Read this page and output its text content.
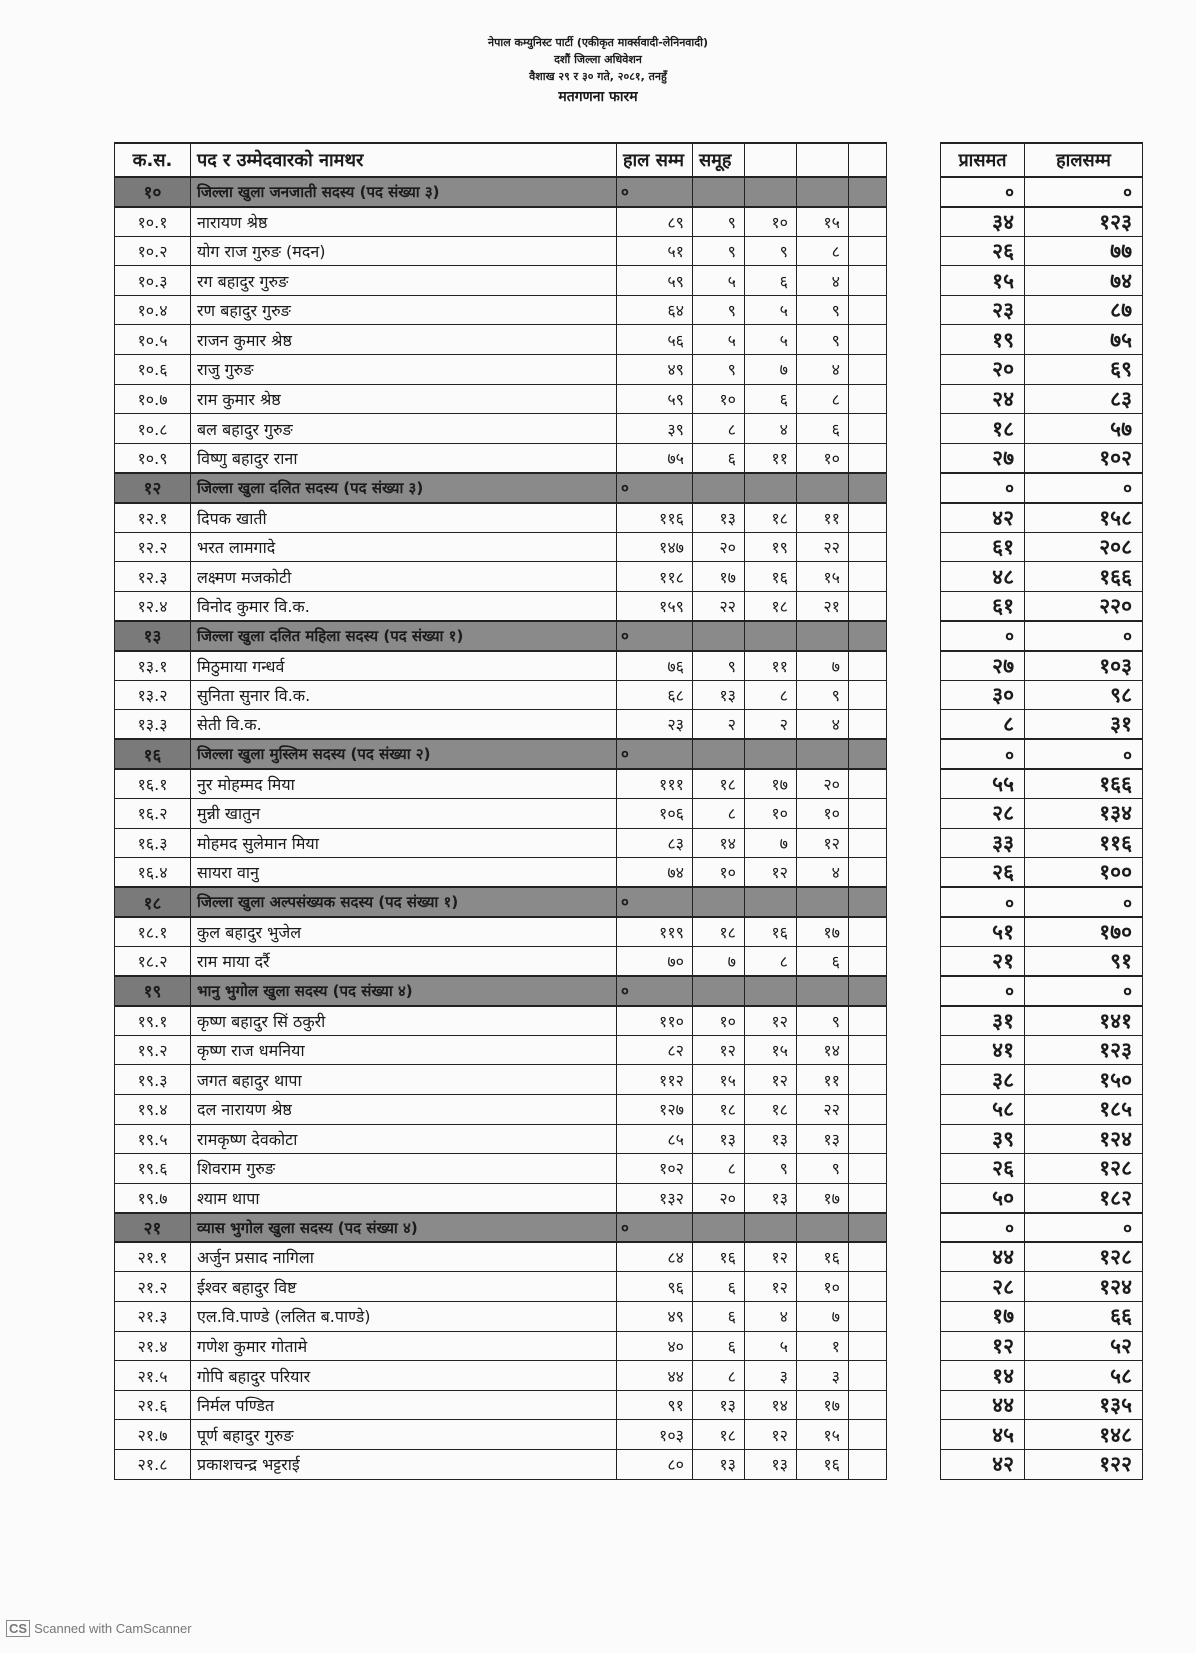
नेपाल कम्युनिस्ट पार्टी (एकीकृत मार्क्सवादी-लेनिनवादी)
दशौं जिल्ला अधिवेशन
वैशाख २९ र ३० गते, २०८१, तनहुँ
मतगणना फारम
क.स.	पद र उम्मेदवारको नामथर	हाल सम्म	समूह			
१०	जिल्ला खुला जनजाती सदस्य (पद संख्या ३)	०				
१०.१	नारायण श्रेष्ठ	८९	९	१०	१५	
१०.२	योग राज गुरुङ (मदन)	५१	९	९	८	
१०.३	रग बहादुर गुरुङ	५९	५	६	४	
१०.४	रण बहादुर गुरुङ	६४	९	५	९	
१०.५	राजन कुमार श्रेष्ठ	५६	५	५	९	
१०.६	राजु गुरुङ	४९	९	७	४	
१०.७	राम कुमार श्रेष्ठ	५९	१०	६	८	
१०.८	बल बहादुर गुरुङ	३९	८	४	६	
१०.९	विष्णु बहादुर राना	७५	६	११	१०	
१२	जिल्ला खुला दलित सदस्य (पद संख्या ३)	०				
१२.१	दिपक खाती	११६	१३	१८	११	
१२.२	भरत लामगादे	१४७	२०	१९	२२	
१२.३	लक्ष्मण मजकोटी	११८	१७	१६	१५	
१२.४	विनोद कुमार वि.क.	१५९	२२	१८	२१	
१३	जिल्ला खुला दलित महिला सदस्य (पद संख्या १)	०				
१३.१	मिठुमाया गन्धर्व	७६	९	११	७	
१३.२	सुनिता सुनार वि.क.	६८	१३	८	९	
१३.३	सेती वि.क.	२३	२	२	४	
१६	जिल्ला खुला मुस्लिम सदस्य (पद संख्या २)	०				
१६.१	नुर मोहम्मद मिया	१११	१८	१७	२०	
१६.२	मुन्नी खातुन	१०६	८	१०	१०	
१६.३	मोहमद सुलेमान मिया	८३	१४	७	१२	
१६.४	सायरा वानु	७४	१०	१२	४	
१८	जिल्ला खुला अल्पसंख्यक सदस्य (पद संख्या १)	०				
१८.१	कुल बहादुर भुजेल	११९	१८	१६	१७	
१८.२	राम माया दर्रै	७०	७	८	६	
१९	भानु भुगोल खुला सदस्य (पद संख्या ४)	०				
१९.१	कृष्ण बहादुर सिं ठकुरी	११०	१०	१२	९	
१९.२	कृष्ण राज धमनिया	८२	१२	१५	१४	
१९.३	जगत बहादुर थापा	११२	१५	१२	११	
१९.४	दल नारायण श्रेष्ठ	१२७	१८	१८	२२	
१९.५	रामकृष्ण देवकोटा	८५	१३	१३	१३	
१९.६	शिवराम गुरुङ	१०२	८	९	९	
१९.७	श्याम थापा	१३२	२०	१३	१७	
२१	व्यास भुगोल खुला सदस्य (पद संख्या ४)	०				
२१.१	अर्जुन प्रसाद नागिला	८४	१६	१२	१६	
२१.२	ईश्वर बहादुर विष्ट	९६	६	१२	१०	
२१.३	एल.वि.पाण्डे (ललित ब.पाण्डे)	४९	६	४	७	
२१.४	गणेश कुमार गोतामे	४०	६	५	१	
२१.५	गोपि बहादुर परियार	४४	८	३	३	
२१.६	निर्मल पण्डित	९१	१३	१४	१७	
२१.७	पूर्ण बहादुर गुरुङ	१०३	१८	१२	१५	
२१.८	प्रकाशचन्द्र भट्टराई	८०	१३	१३	१६	
प्रासमत	हालसम्म
०	०
३४	१२३
२६	७७
१५	७४
२३	८७
१९	७५
२०	६९
२४	८३
१८	५७
२७	१०२
०	०
४२	१५८
६१	२०८
४८	१६६
६१	२२०
०	०
२७	१०३
३०	९८
८	३१
०	०
५५	१६६
२८	१३४
३३	११६
२६	१००
०	०
५१	१७०
२१	९१
०	०
३१	१४१
४१	१२३
३८	१५०
५८	१८५
३९	१२४
२६	१२८
५०	१८२
०	०
४४	१२८
२८	१२४
१७	६६
१२	५२
१४	५८
४४	१३५
४५	१४८
४२	१२२
CS Scanned with CamScanner
